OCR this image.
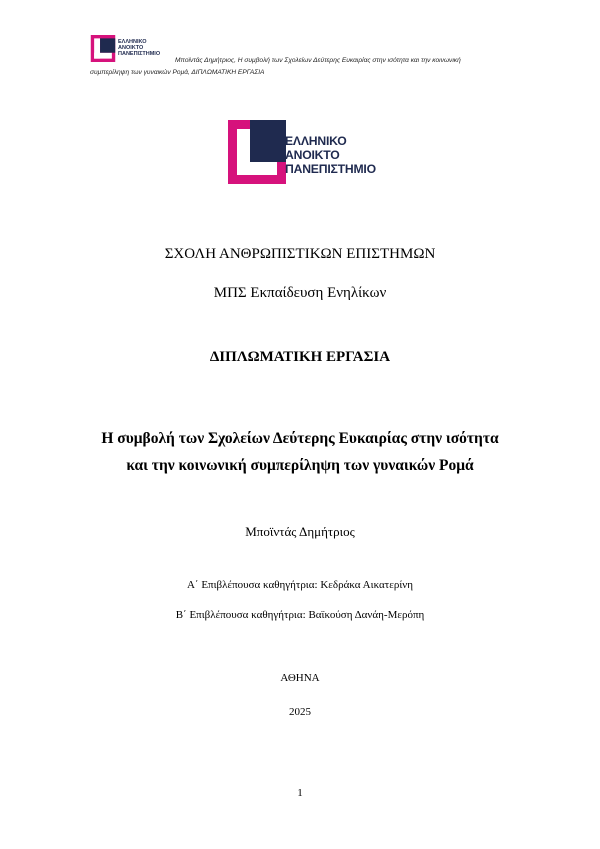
ΕΛΛΗΝΙΚΟ
ΑΝΟΙΚΤΟ
ΠΑΝΕΠΙΣΤΗΜΙΟ
Μποϊντάς Δημήτριος, Η συμβολή των Σχολείων Δεύτερης Ευκαιρίας στην ισότητα και την κοινωνική
συμπερίληψη των γυναικών Ρομά, ΔΙΠΛΩΜΑΤΙΚΗ ΕΡΓΑΣΙΑ
ΕΛΛΗΝΙΚΟ
ΑΝΟΙΚΤΟ
ΠΑΝΕΠΙΣΤΗΜΙΟ
ΣΧΟΛΗ ΑΝΘΡΩΠΙΣΤΙΚΩΝ ΕΠΙΣΤΗΜΩΝ
ΜΠΣ Εκπαίδευση Ενηλίκων
ΔΙΠΛΩΜΑΤΙΚΗ ΕΡΓΑΣΙΑ
Η συμβολή των Σχολείων Δεύτερης Ευκαιρίας στην ισότητα
και την κοινωνική συμπερίληψη των γυναικών Ρομά
Μποϊντάς Δημήτριος
Α΄ Επιβλέπουσα καθηγήτρια: Κεδράκα Αικατερίνη
Β΄ Επιβλέπουσα καθηγήτρια: Βαϊκούση Δανάη-Μερόπη
ΑΘΗΝΑ
2025
1
